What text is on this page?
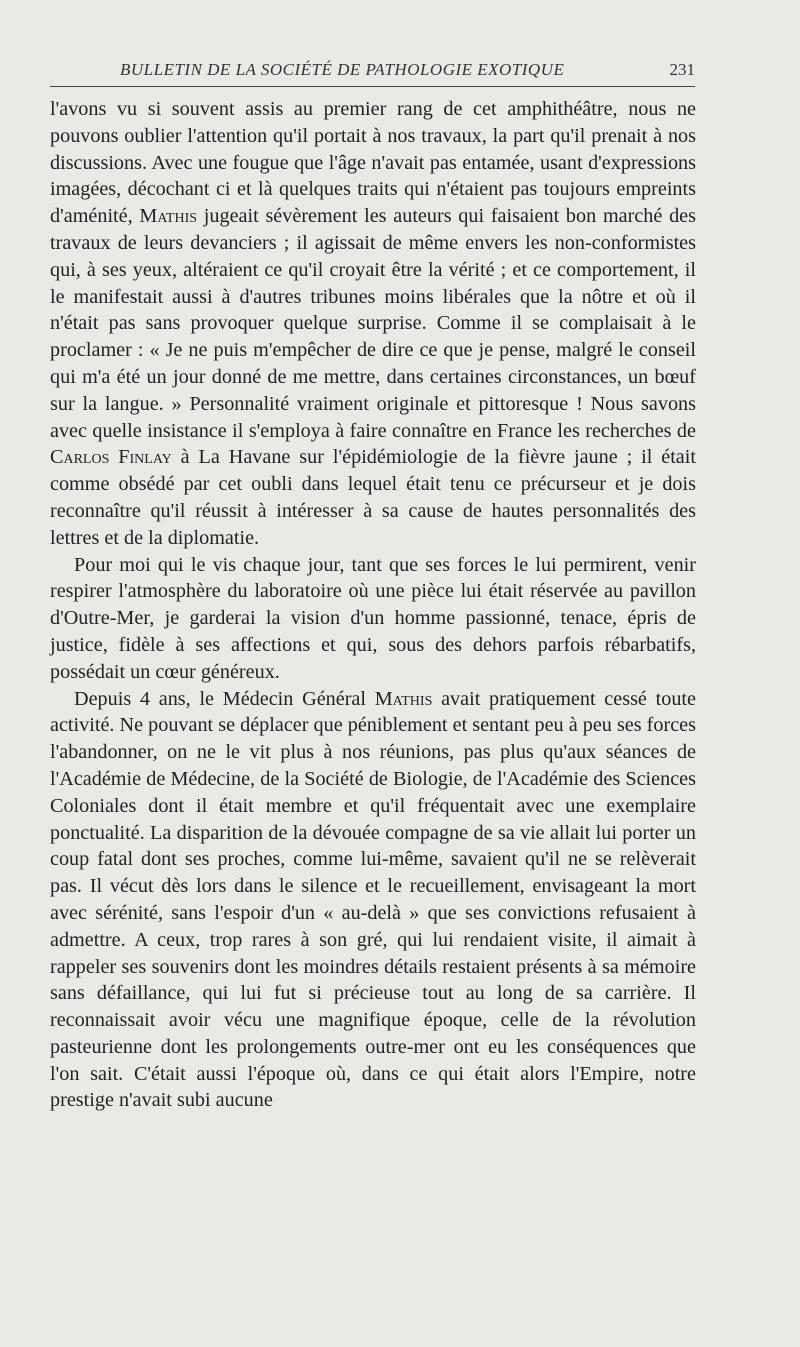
BULLETIN DE LA SOCIÉTÉ DE PATHOLOGIE EXOTIQUE	231

l'avons vu si souvent assis au premier rang de cet amphithéâtre, nous ne pouvons oublier l'attention qu'il portait à nos travaux, la part qu'il prenait à nos discussions. Avec une fougue que l'âge n'avait pas entamée, usant d'expressions imagées, décochant ci et là quelques traits qui n'étaient pas toujours empreints d'aménité, Mathis jugeait sévèrement les auteurs qui faisaient bon marché des travaux de leurs devanciers ; il agissait de même envers les non-conformistes qui, à ses yeux, altéraient ce qu'il croyait être la vérité ; et ce comportement, il le manifestait aussi à d'autres tribunes moins libérales que la nôtre et où il n'était pas sans provoquer quelque surprise. Comme il se complaisait à le proclamer : « Je ne puis m'empêcher de dire ce que je pense, malgré le conseil qui m'a été un jour donné de me mettre, dans certaines circonstances, un bœuf sur la langue. » Personnalité vraiment originale et pittoresque ! Nous savons avec quelle insistance il s'employa à faire connaître en France les recherches de Carlos Finlay à La Havane sur l'épidémiologie de la fièvre jaune ; il était comme obsédé par cet oubli dans lequel était tenu ce précurseur et je dois reconnaître qu'il réussit à intéresser à sa cause de hautes personnalités des lettres et de la diplomatie.

Pour moi qui le vis chaque jour, tant que ses forces le lui permirent, venir respirer l'atmosphère du laboratoire où une pièce lui était réservée au pavillon d'Outre-Mer, je garderai la vision d'un homme passionné, tenace, épris de justice, fidèle à ses affections et qui, sous des dehors parfois rébarbatifs, possédait un cœur généreux.

Depuis 4 ans, le Médecin Général Mathis avait pratiquement cessé toute activité. Ne pouvant se déplacer que péniblement et sentant peu à peu ses forces l'abandonner, on ne le vit plus à nos réunions, pas plus qu'aux séances de l'Académie de Médecine, de la Société de Biologie, de l'Académie des Sciences Coloniales dont il était membre et qu'il fréquentait avec une exemplaire ponctualité. La disparition de la dévouée compagne de sa vie allait lui porter un coup fatal dont ses proches, comme lui-même, savaient qu'il ne se relèverait pas. Il vécut dès lors dans le silence et le recueillement, envisageant la mort avec sérénité, sans l'espoir d'un « au-delà » que ses convictions refusaient à admettre. A ceux, trop rares à son gré, qui lui rendaient visite, il aimait à rappeler ses souvenirs dont les moindres détails restaient présents à sa mémoire sans défaillance, qui lui fut si précieuse tout au long de sa carrière. Il reconnaissait avoir vécu une magnifique époque, celle de la révolution pasteurienne dont les prolongements outre-mer ont eu les conséquences que l'on sait. C'était aussi l'époque où, dans ce qui était alors l'Empire, notre prestige n'avait subi aucune
